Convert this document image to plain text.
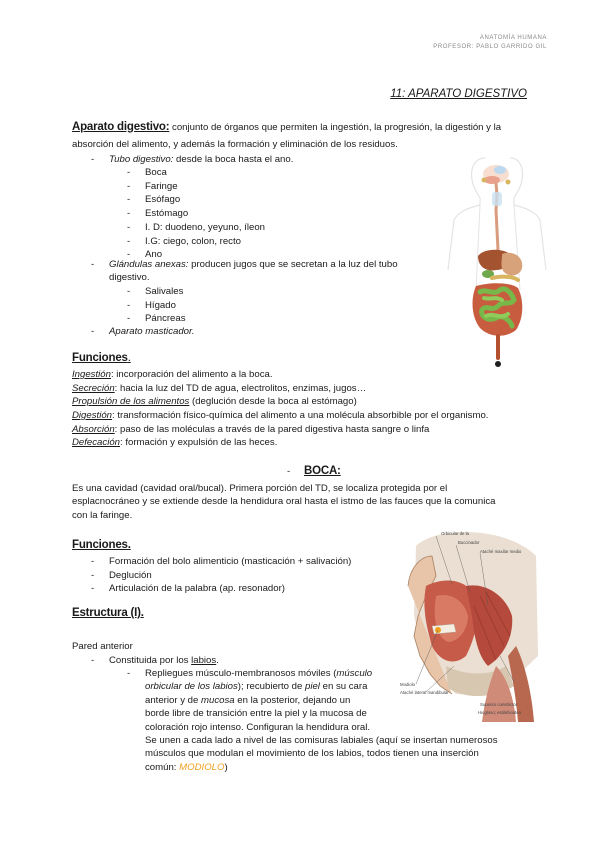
ANATOMÍA HUMANA
PROFESOR: PABLO GARRIDO GIL
11: APARATO DIGESTIVO
Aparato digestivo: conjunto de órganos que permiten la ingestión, la progresión, la digestión y la
absorción del alimento, y además la formación y eliminación de los residuos.
- Tubo digestivo: desde la boca hasta el ano.
- Boca
- Faringe
- Esófago
- Estómago
- I. D: duodeno, yeyuno, íleon
- I.G: ciego, colon, recto
- Ano
- Glándulas anexas: producen jugos que se secretan a la luz del tubo
digestivo.
- Salivales
- Hígado
- Páncreas
- Aparato masticador.
Funciones.
Ingestión: incorporación del alimento a la boca.
Secreción: hacia la luz del TD de agua, electrolitos, enzimas, jugos…
Propulsión de los alimentos (deglución desde la boca al estómago)
Digestión: transformación físico-química del alimento a una molécula absorbible por el organismo.
Absorción: paso de las moléculas a través de la pared digestiva hasta sangre o linfa
Defecación: formación y expulsión de las heces.
- BOCA:
Es una cavidad (cavidad oral/bucal). Primera porción del TD, se localiza protegida por el
esplacnocráneo y se extiende desde la hendidura oral hasta el istmo de las fauces que la comunica
con la faringe.
Funciones.
- Formación del bolo alimenticio (masticación + salivación)
- Deglución
- Articulación de la palabra (ap. resonador)
Estructura (I).
Pared anterior
- Constituida por los labios.
- Repliegues músculo-membranosos móviles (músculo
orbicular de los labios); recubierto de piel en su cara
anterior y de mucosa en la posterior, dejando un
borde libre de transición entre la piel y la mucosa de
coloración rojo intenso. Configuran la hendidura oral.
Se unen a cada lado a nivel de las comisuras labiales (aquí se insertan numerosos
músculos que modulan el movimiento de los labios, todos tienen una inserción
común: MODIOLO)
Orbicular de la
Buccinador
Ataché maxilar medio
Modiolo
Ataché lateral mandibular
Superior constrictor
Hiogloso; estilohioideo
